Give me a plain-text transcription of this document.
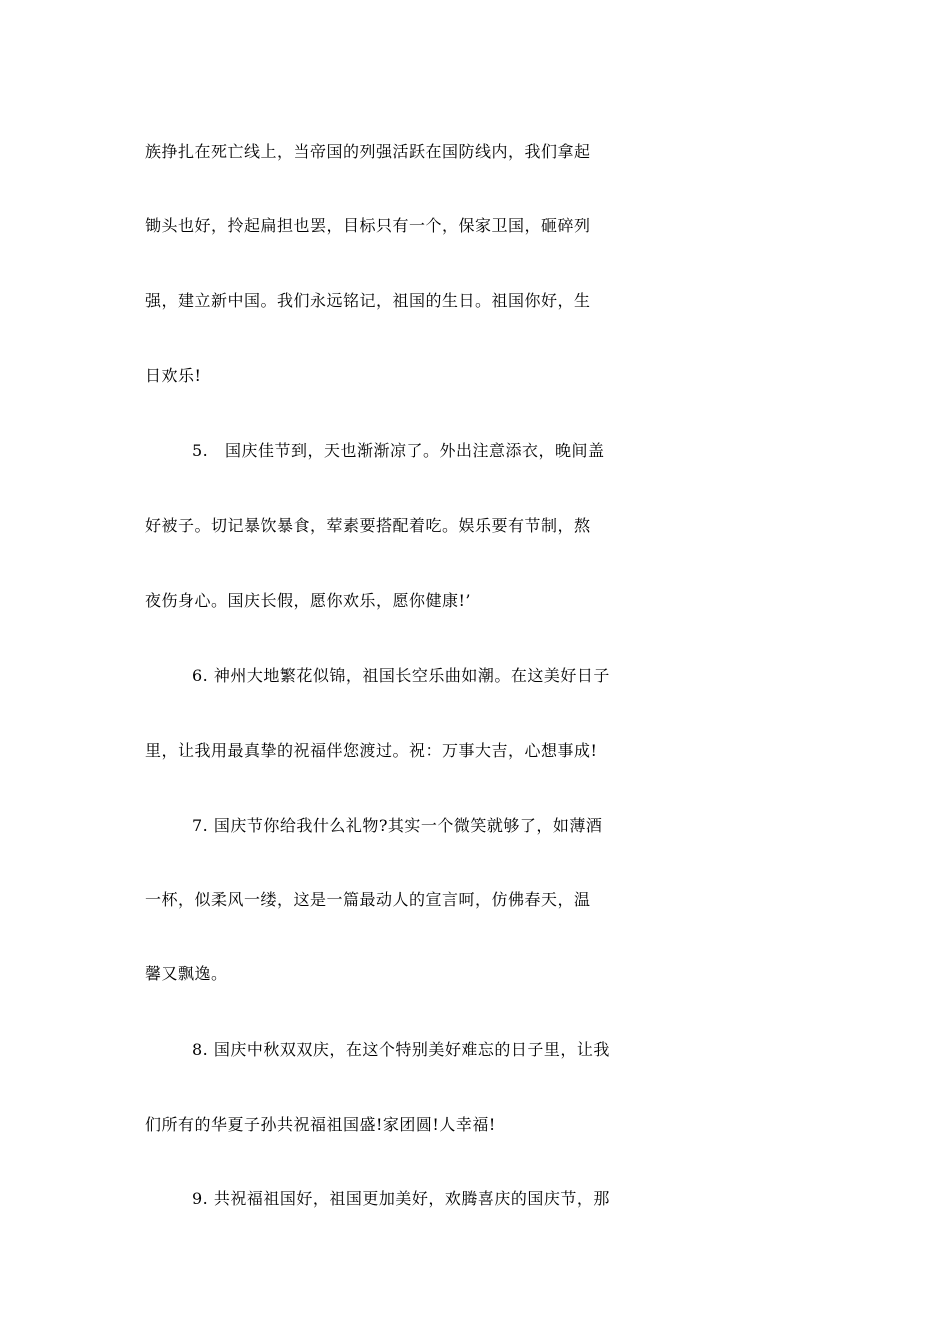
族挣扎在死亡线上，当帝国的列强活跃在国防线内，我们拿起
锄头也好，拎起扁担也罢，目标只有一个，保家卫国，砸碎列
强，建立新中国。我们永远铭记，祖国的生日。祖国你好，生
日欢乐!
5.   国庆佳节到，天也渐渐凉了。外出注意添衣，晚间盖
好被子。切记暴饮暴食，荤素要搭配着吃。娱乐要有节制，熬
夜伤身心。国庆长假，愿你欢乐，愿你健康!’
6. 神州大地繁花似锦，祖国长空乐曲如潮。在这美好日子
里，让我用最真挚的祝福伴您渡过。祝：万事大吉，心想事成!
7. 国庆节你给我什么礼物?其实一个微笑就够了，如薄酒
一杯，似柔风一缕，这是一篇最动人的宣言呵，仿佛春天，温
馨又飘逸。
8. 国庆中秋双双庆，在这个特别美好难忘的日子里，让我
们所有的华夏子孙共祝福祖国盛!家团圆!人幸福!
9. 共祝福祖国好，祖国更加美好，欢腾喜庆的国庆节，那
